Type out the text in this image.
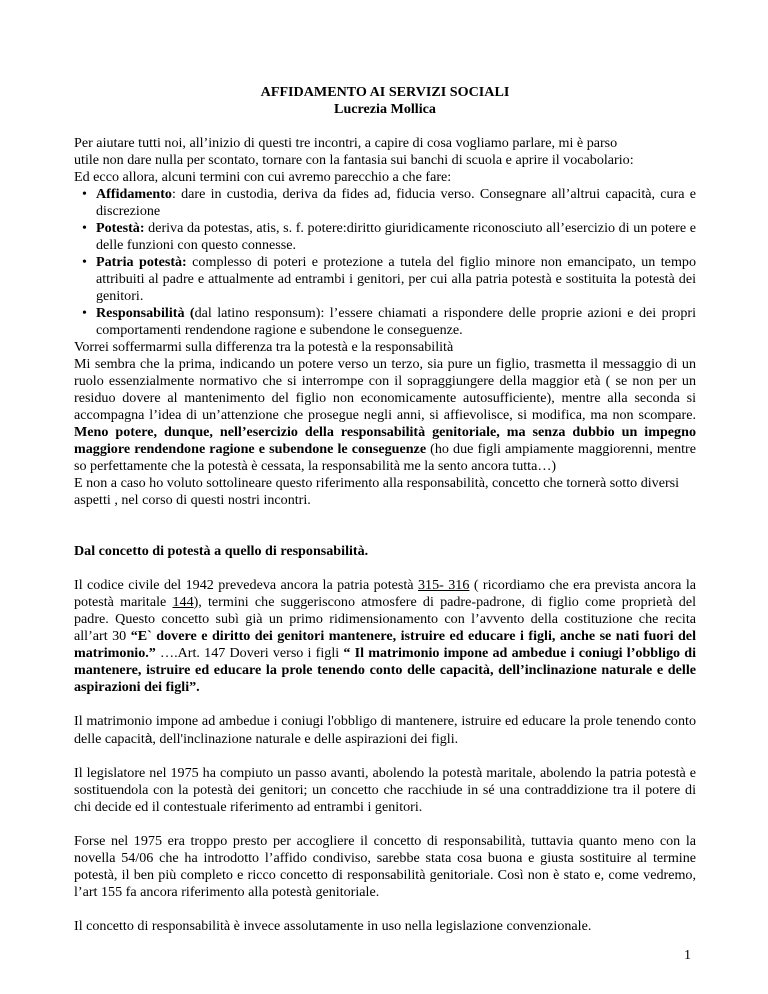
AFFIDAMENTO AI SERVIZI SOCIALI
Lucrezia Mollica

Per aiutare tutti noi, all’inizio di questi tre incontri, a capire di cosa vogliamo parlare, mi è parso
utile non dare nulla per scontato, tornare con la fantasia sui banchi di scuola e aprire il vocabolario:
Ed ecco allora, alcuni termini con cui avremo parecchio a che fare:

• Affidamento: dare in custodia, deriva da fides ad, fiducia verso. Consegnare all’altrui capacità, cura e discrezione
• Potestà: deriva da potestas, atis, s. f. potere:diritto giuridicamente riconosciuto all’esercizio di un potere e delle funzioni con questo connesse.
• Patria potestà: complesso di poteri e protezione a tutela del figlio minore non emancipato, un tempo attribuiti al padre e attualmente ad entrambi i genitori, per cui alla patria potestà e sostituita la potestà dei genitori.
• Responsabilità (dal latino responsum): l’essere chiamati a rispondere delle proprie azioni e dei propri comportamenti rendendone ragione e subendone le conseguenze.

Vorrei soffermarmi sulla differenza tra la potestà e la responsabilità

Mi sembra che la prima, indicando un potere verso un terzo, sia pure un figlio, trasmetta il messaggio di un ruolo essenzialmente normativo che si interrompe con il sopraggiungere della maggior età ( se non per un residuo dovere al mantenimento del figlio non economicamente autosufficiente), mentre alla seconda si accompagna l’idea di un’attenzione che prosegue negli anni, si affievolisce, si modifica, ma non scompare. Meno potere, dunque, nell’esercizio della responsabilità genitoriale, ma senza dubbio un impegno maggiore rendendone ragione e subendone le conseguenze (ho due figli ampiamente maggiorenni, mentre so perfettamente che la potestà è cessata, la responsabilità me la sento ancora tutta…)

E non a caso ho voluto sottolineare questo riferimento alla responsabilità, concetto che tornerà sotto diversi aspetti , nel corso di questi nostri incontri.

Dal concetto di potestà a quello di responsabilità.

Il codice civile del 1942 prevedeva ancora la patria potestà 315- 316 ( ricordiamo che era prevista ancora la potestà maritale 144), termini che suggeriscono atmosfere di padre-padrone, di figlio come proprietà del padre. Questo concetto subì già un primo ridimensionamento con l’avvento della costituzione che recita all’art 30 “E` dovere e diritto dei genitori mantenere, istruire ed educare i figli, anche se nati fuori del matrimonio.” ….Art. 147 Doveri verso i figli “ Il matrimonio impone ad ambedue i coniugi l’obbligo di mantenere, istruire ed educare la prole tenendo conto delle capacità, dell’inclinazione naturale e delle aspirazioni dei figli”.

Il matrimonio impone ad ambedue i coniugi l'obbligo di mantenere, istruire ed educare la prole tenendo conto delle capacità, dell'inclinazione naturale e delle aspirazioni dei figli.

Il legislatore nel 1975 ha compiuto un passo avanti, abolendo la potestà maritale, abolendo la patria potestà e sostituendola con la potestà dei genitori; un concetto che racchiude in sé una contraddizione tra il potere di chi decide ed il contestuale riferimento ad entrambi i genitori.

Forse nel 1975 era troppo presto per accogliere il concetto di responsabilità, tuttavia quanto meno con la novella 54/06 che ha introdotto l’affido condiviso, sarebbe stata cosa buona e giusta sostituire al termine potestà, il ben più completo e ricco concetto di responsabilità genitoriale. Così non è stato e, come vedremo, l’art 155 fa ancora riferimento alla potestà genitoriale.

Il concetto di responsabilità è invece assolutamente in uso nella legislazione convenzionale.

1
